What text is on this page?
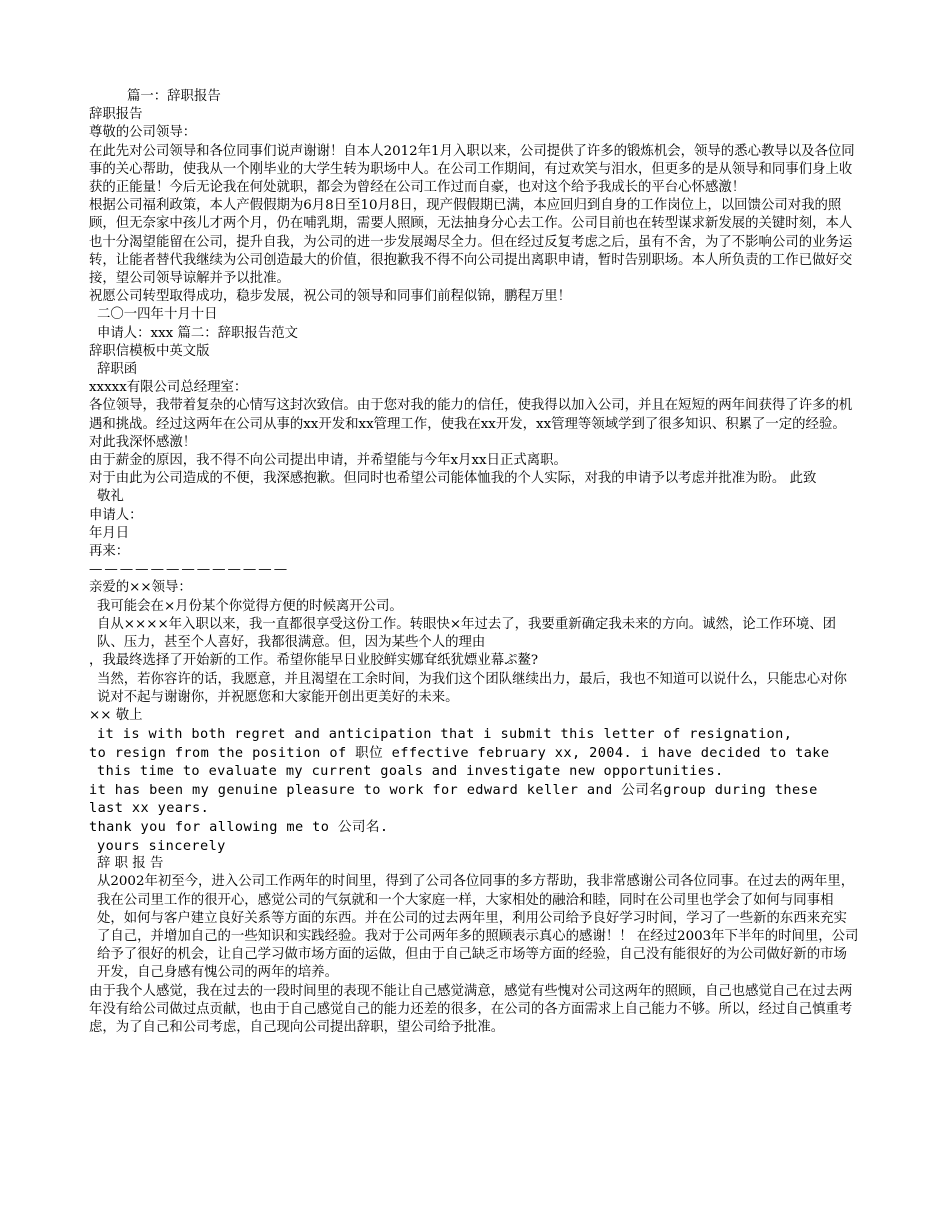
篇一：辞职报告

辞职报告

尊敬的公司领导：

在此先对公司领导和各位同事们说声谢谢！自本人2012年1月入职以来，公司提供了许多的锻炼机会，领导的悉心教导以及各位同事的关心帮助，使我从一个刚毕业的大学生转为职场中人。在公司工作期间，有过欢笑与泪水，但更多的是从领导和同事们身上收获的正能量！今后无论我在何处就职，都会为曾经在公司工作过而自豪，也对这个给予我成长的平台心怀感激！

根据公司福利政策，本人产假假期为6月8日至10月8日，现产假假期已满，本应回归到自身的工作岗位上，以回馈公司对我的照顾，但无奈家中孩儿才两个月，仍在哺乳期，需要人照顾，无法抽身分心去工作。公司目前也在转型谋求新发展的关键时刻，本人也十分渴望能留在公司，提升自我，为公司的进一步发展竭尽全力。但在经过反复考虑之后，虽有不舍，为了不影响公司的业务运转，让能者替代我继续为公司创造最大的价值，很抱歉我不得不向公司提出离职申请，暂时告别职场。本人所负责的工作已做好交接，望公司领导谅解并予以批准。

祝愿公司转型取得成功，稳步发展，祝公司的领导和同事们前程似锦，鹏程万里！

二〇一四年十月十日

申请人：xxx 篇二：辞职报告范文

辞职信模板中英文版

辞职函

xxxxx有限公司总经理室：

各位领导，我带着复杂的心情写这封次致信。由于您对我的能力的信任，使我得以加入公司，并且在短短的两年间获得了许多的机遇和挑战。经过这两年在公司从事的xx开发和xx管理工作，使我在xx开发，xx管理等领域学到了很多知识、积累了一定的经验。对此我深怀感激！

由于薪金的原因，我不得不向公司提出申请，并希望能与今年x月xx日正式离职。

对于由此为公司造成的不便，我深感抱歉。但同时也希望公司能体恤我的个人实际，对我的申请予以考虑并批准为盼。 此致

敬礼

申请人：

年月日

再来：

—————————————

亲爱的××领导：

我可能会在×月份某个你觉得方便的时候离开公司。

自从××××年入职以来，我一直都很享受这份工作。转眼快×年过去了，我要重新确定我未来的方向。诚然，论工作环境、团队、压力，甚至个人喜好，我都很满意。但，因为某些个人的理由

，我最终选择了开始新的工作。希望你能早日业胶鲜实娜耷纸犹嫖业幕ぷ鳌?

当然，若你容许的话，我愿意，并且渴望在工余时间，为我们这个团队继续出力，最后，我也不知道可以说什么，只能忠心对你说对不起与谢谢你，并祝愿您和大家能开创出更美好的未来。

×× 敬上

it is with both regret and anticipation that i submit this letter of resignation,

to resign from the position of 职位 effective february xx, 2004. i have decided to take

this time to evaluate my current goals and investigate new opportunities.

it has been my genuine pleasure to work for edward keller and 公司名group during these last xx years.

thank you for allowing me to 公司名.

yours sincerely

辞 职 报 告

从2002年初至今，进入公司工作两年的时间里，得到了公司各位同事的多方帮助，我非常感谢公司各位同事。在过去的两年里，我在公司里工作的很开心，感觉公司的气氛就和一个大家庭一样，大家相处的融洽和睦，同时在公司里也学会了如何与同事相处，如何与客户建立良好关系等方面的东西。并在公司的过去两年里，利用公司给予良好学习时间，学习了一些新的东西来充实了自己，并增加自己的一些知识和实践经验。我对于公司两年多的照顾表示真心的感谢！！ 在经过2003年下半年的时间里，公司给予了很好的机会，让自己学习做市场方面的运做，但由于自己缺乏市场等方面的经验，自己没有能很好的为公司做好新的市场开发，自己身感有愧公司的两年的培养。

由于我个人感觉，我在过去的一段时间里的表现不能让自己感觉满意，感觉有些愧对公司这两年的照顾，自己也感觉自己在过去两年没有给公司做过点贡献，也由于自己感觉自己的能力还差的很多，在公司的各方面需求上自己能力不够。所以，经过自己慎重考虑，为了自己和公司考虑，自己现向公司提出辞职，望公司给予批准。
